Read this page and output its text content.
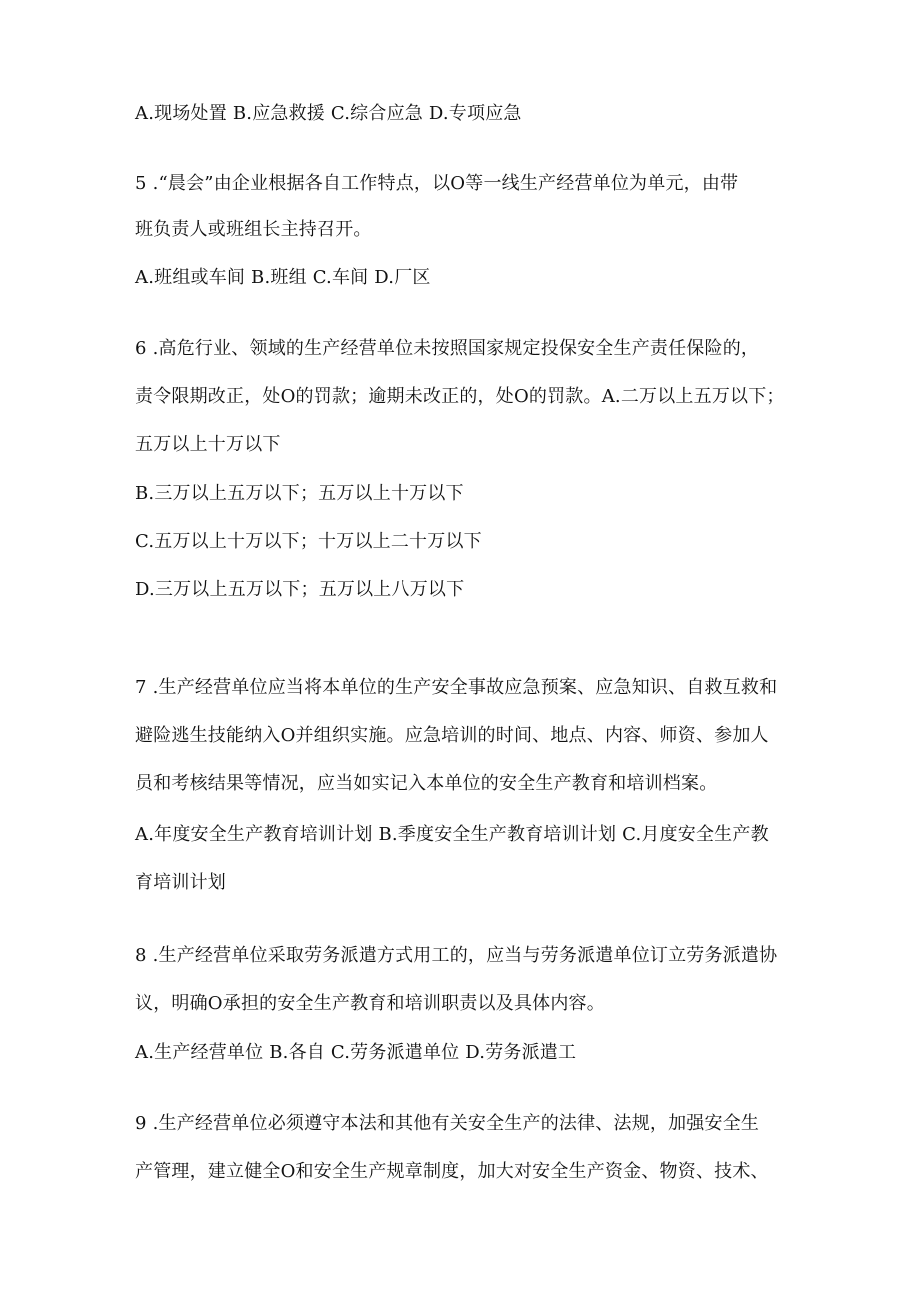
A.现场处置 B.应急救援 C.综合应急 D.专项应急
5 .“晨会”由企业根据各自工作特点，以O等一线生产经营单位为单元，由带
班负责人或班组长主持召开。
A.班组或车间 B.班组 C.车间 D.厂区
6 .高危行业、领域的生产经营单位未按照国家规定投保安全生产责任保险的，
责令限期改正，处O的罚款；逾期未改正的，处O的罚款。A.二万以上五万以下；
五万以上十万以下
B.三万以上五万以下；五万以上十万以下
C.五万以上十万以下；十万以上二十万以下
D.三万以上五万以下；五万以上八万以下
7 .生产经营单位应当将本单位的生产安全事故应急预案、应急知识、自救互救和
避险逃生技能纳入O并组织实施。应急培训的时间、地点、内容、师资、参加人
员和考核结果等情况，应当如实记入本单位的安全生产教育和培训档案。
A.年度安全生产教育培训计划 B.季度安全生产教育培训计划 C.月度安全生产教
育培训计划
8 .生产经营单位采取劳务派遣方式用工的，应当与劳务派遣单位订立劳务派遣协
议，明确O承担的安全生产教育和培训职责以及具体内容。
A.生产经营单位 B.各自 C.劳务派遣单位 D.劳务派遣工
9 .生产经营单位必须遵守本法和其他有关安全生产的法律、法规，加强安全生
产管理，建立健全O和安全生产规章制度，加大对安全生产资金、物资、技术、
